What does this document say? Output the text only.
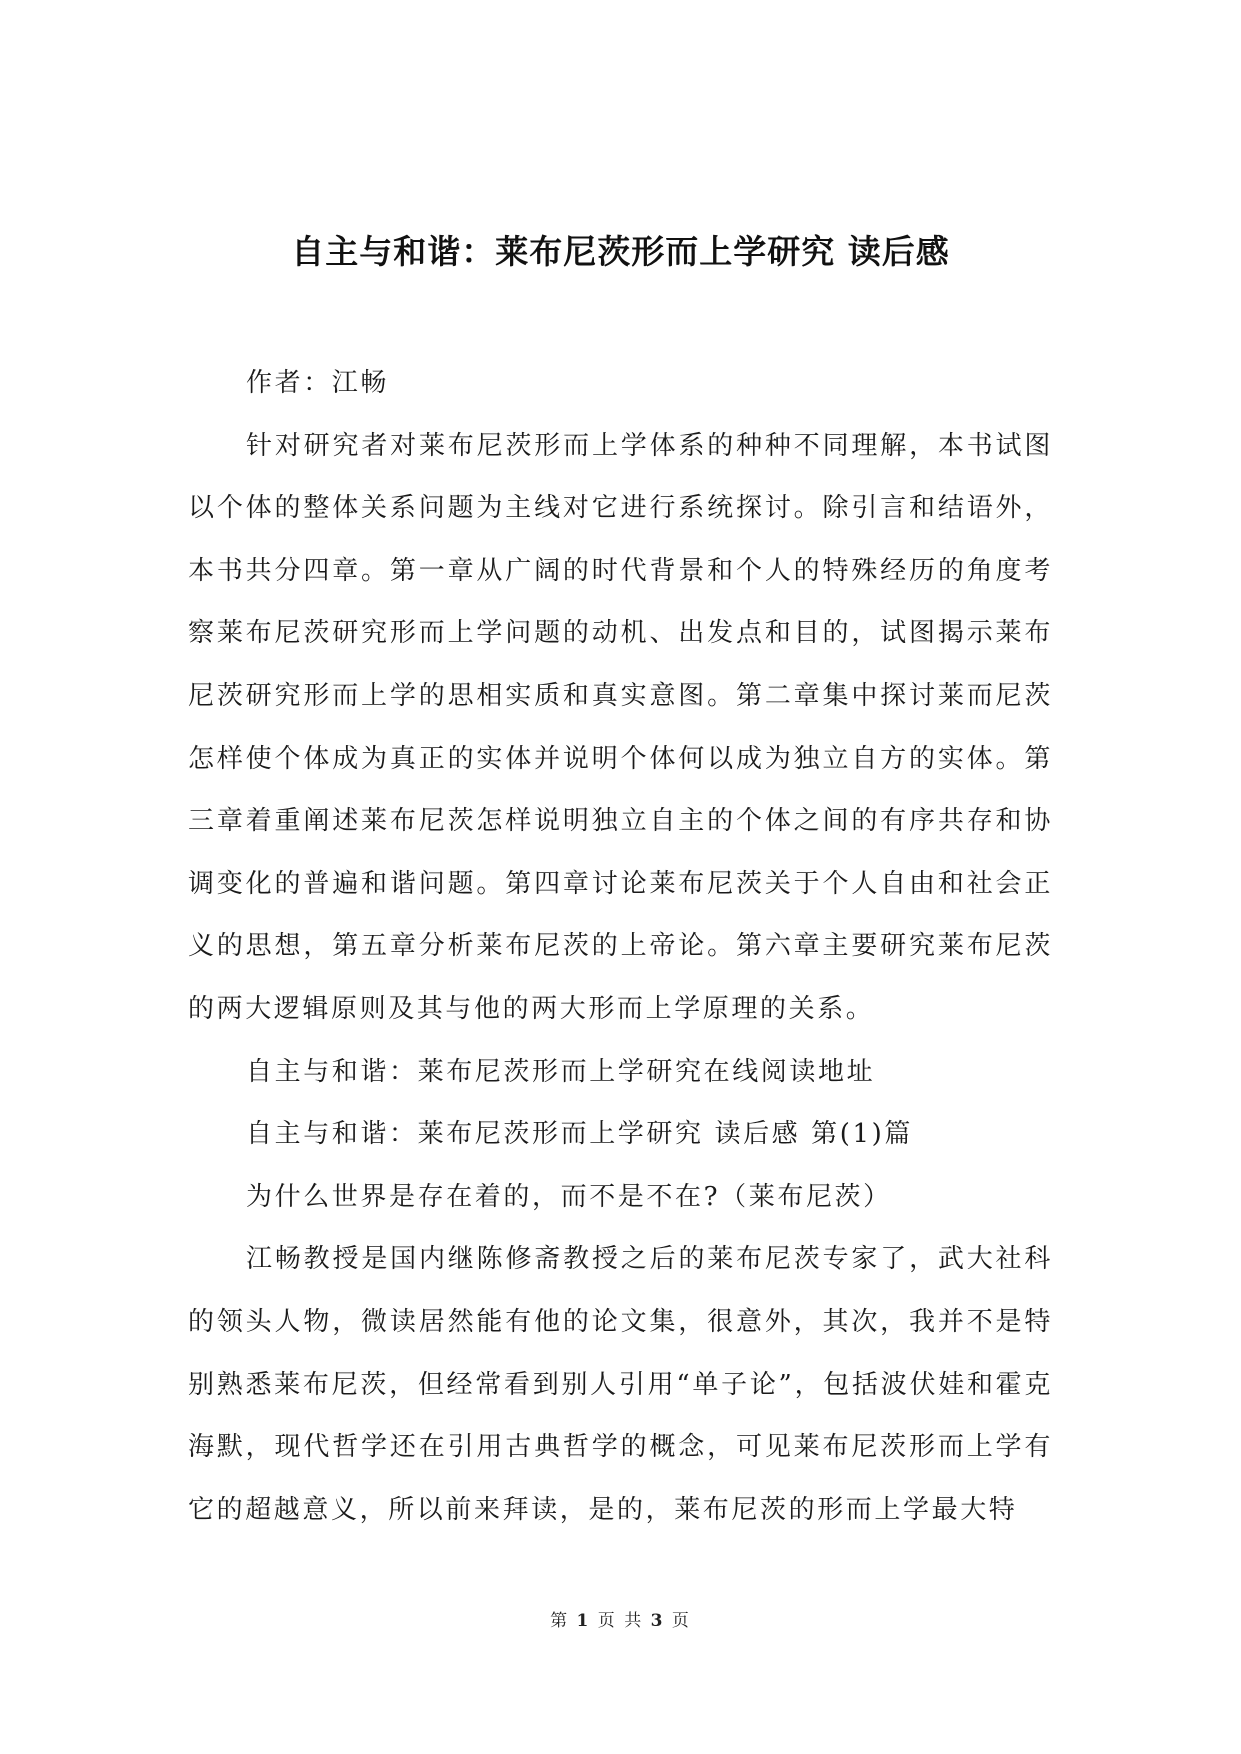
自主与和谐：莱布尼茨形而上学研究 读后感

作者：江畅

针对研究者对莱布尼茨形而上学体系的种种不同理解，本书试图以个体的整体关系问题为主线对它进行系统探讨。除引言和结语外，本书共分四章。第一章从广阔的时代背景和个人的特殊经历的角度考察莱布尼茨研究形而上学问题的动机、出发点和目的，试图揭示莱布尼茨研究形而上学的思相实质和真实意图。第二章集中探讨莱而尼茨怎样使个体成为真正的实体并说明个体何以成为独立自方的实体。第三章着重阐述莱布尼茨怎样说明独立自主的个体之间的有序共存和协调变化的普遍和谐问题。第四章讨论莱布尼茨关于个人自由和社会正义的思想，第五章分析莱布尼茨的上帝论。第六章主要研究莱布尼茨的两大逻辑原则及其与他的两大形而上学原理的关系。

自主与和谐：莱布尼茨形而上学研究在线阅读地址

自主与和谐：莱布尼茨形而上学研究 读后感 第(1)篇

为什么世界是存在着的，而不是不在?（莱布尼茨）

江畅教授是国内继陈修斋教授之后的莱布尼茨专家了，武大社科的领头人物，微读居然能有他的论文集，很意外，其次，我并不是特别熟悉莱布尼茨，但经常看到别人引用“单子论”，包括波伏娃和霍克海默，现代哲学还在引用古典哲学的概念，可见莱布尼茨形而上学有它的超越意义，所以前来拜读，是的，莱布尼茨的形而上学最大特

第 1 页 共 3 页
